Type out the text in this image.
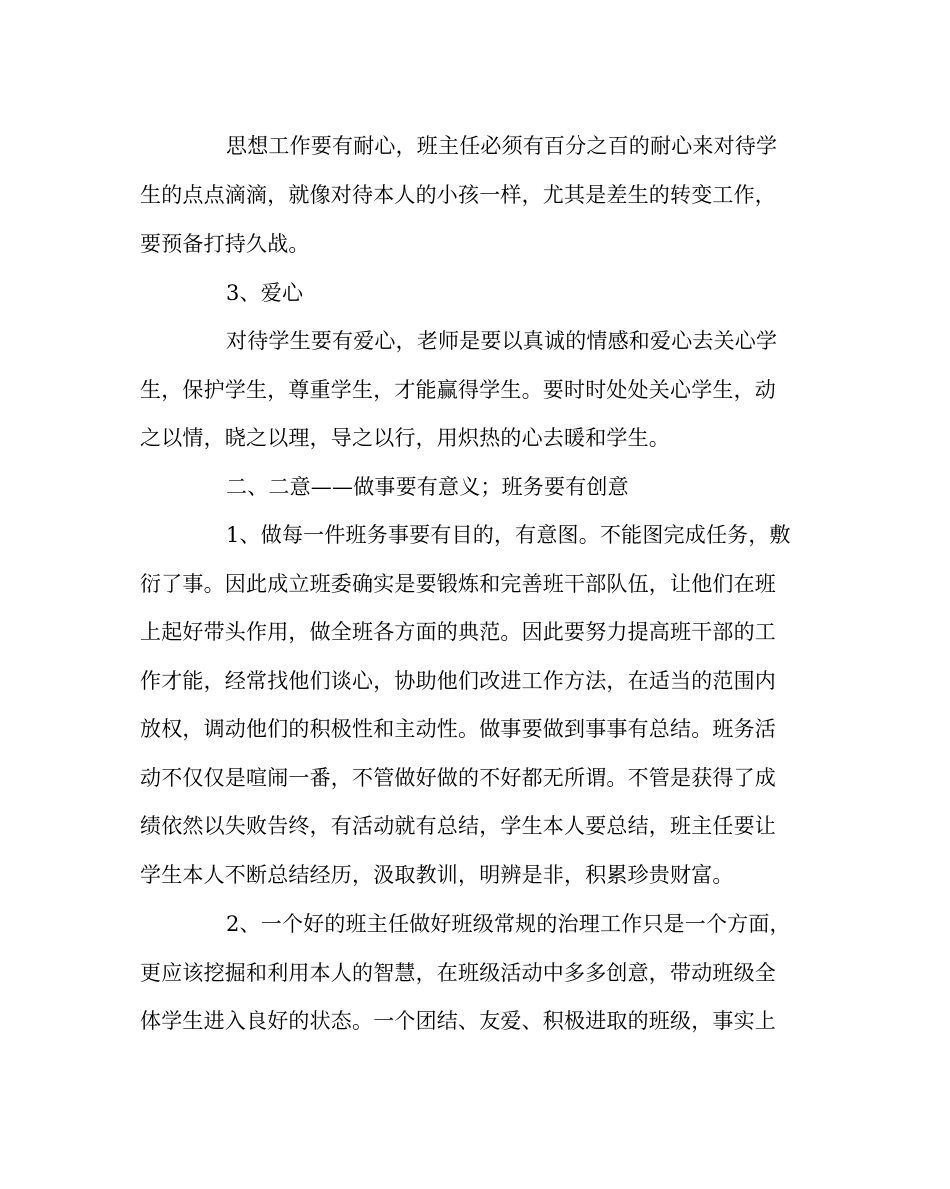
思想工作要有耐心，班主任必须有百分之百的耐心来对待学
生的点点滴滴，就像对待本人的小孩一样，尤其是差生的转变工作，
要预备打持久战。
3、爱心
对待学生要有爱心，老师是要以真诚的情感和爱心去关心学
生，保护学生，尊重学生，才能赢得学生。要时时处处关心学生，动
之以情，晓之以理，导之以行，用炽热的心去暖和学生。
二、二意——做事要有意义；班务要有创意
1、做每一件班务事要有目的，有意图。不能图完成任务，敷
衍了事。因此成立班委确实是要锻炼和完善班干部队伍，让他们在班
上起好带头作用，做全班各方面的典范。因此要努力提高班干部的工
作才能，经常找他们谈心，协助他们改进工作方法，在适当的范围内
放权，调动他们的积极性和主动性。做事要做到事事有总结。班务活
动不仅仅是喧闹一番，不管做好做的不好都无所谓。不管是获得了成
绩依然以失败告终，有活动就有总结，学生本人要总结，班主任要让
学生本人不断总结经历，汲取教训，明辨是非，积累珍贵财富。
2、一个好的班主任做好班级常规的治理工作只是一个方面，
更应该挖掘和利用本人的智慧，在班级活动中多多创意，带动班级全
体学生进入良好的状态。一个团结、友爱、积极进取的班级，事实上
